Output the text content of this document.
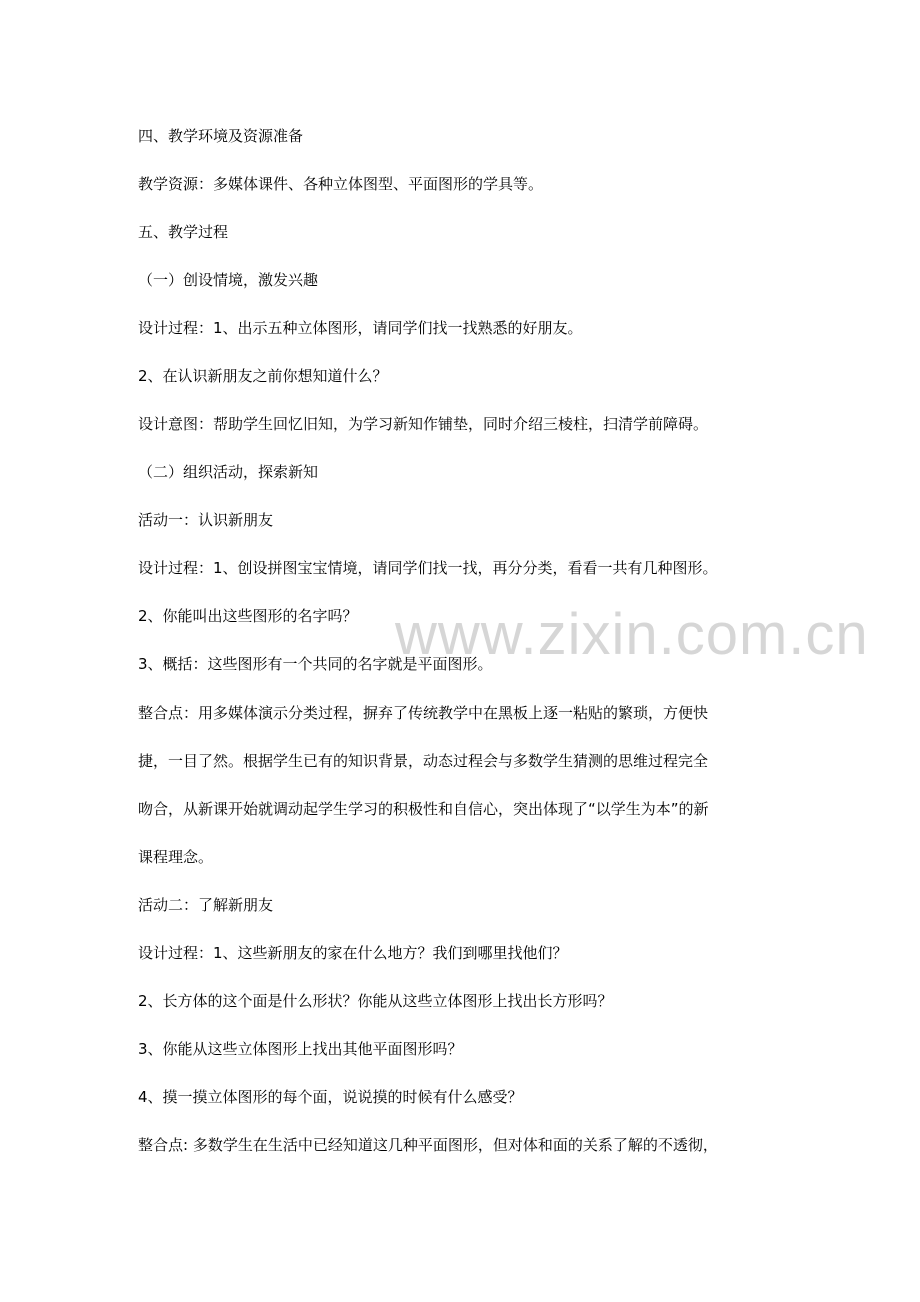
www.zixin.com.cn
四、教学环境及资源准备
教学资源：多媒体课件、各种立体图型、平面图形的学具等。
五、教学过程
（一）创设情境，激发兴趣
设计过程：1、出示五种立体图形，请同学们找一找熟悉的好朋友。
2、在认识新朋友之前你想知道什么？
设计意图：帮助学生回忆旧知，为学习新知作铺垫，同时介绍三棱柱，扫清学前障碍。
（二）组织活动，探索新知
活动一：认识新朋友
设计过程：1、创设拼图宝宝情境，请同学们找一找，再分分类，看看一共有几种图形。
2、你能叫出这些图形的名字吗？
3、概括：这些图形有一个共同的名字就是平面图形。
整合点：用多媒体演示分类过程，摒弃了传统教学中在黑板上逐一粘贴的繁琐，方便快
捷，一目了然。根据学生已有的知识背景，动态过程会与多数学生猜测的思维过程完全
吻合，从新课开始就调动起学生学习的积极性和自信心，突出体现了“以学生为本”的新
课程理念。
活动二：了解新朋友
设计过程：1、这些新朋友的家在什么地方？我们到哪里找他们？
2、长方体的这个面是什么形状？你能从这些立体图形上找出长方形吗？
3、你能从这些立体图形上找出其他平面图形吗？
4、摸一摸立体图形的每个面，说说摸的时候有什么感受？
整合点: 多数学生在生活中已经知道这几种平面图形，但对体和面的关系了解的不透彻，
